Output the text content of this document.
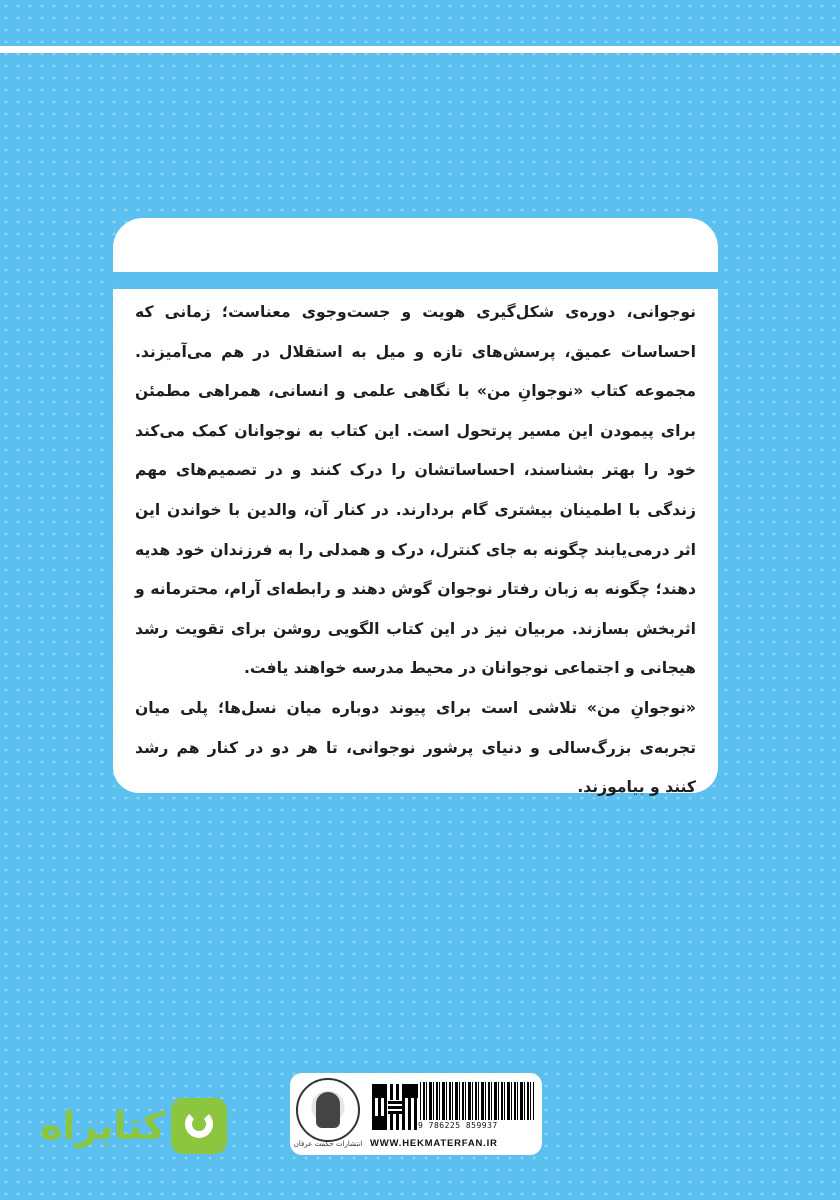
نوجوانی، دوره‌ی شکل‌گیری هویت و جست‌وجوی معناست؛ زمانی که احساسات عمیق، پرسش‌های تازه و میل به استقلال در هم می‌آمیزند. مجموعه کتاب «نوجوانِ من» با نگاهی علمی و انسانی، همراهی مطمئن برای پیمودن این مسیر پرتحول است. این کتاب به نوجوانان کمک می‌کند خود را بهتر بشناسند، احساساتشان را درک کنند و در تصمیم‌های مهم زندگی با اطمینان بیشتری گام بردارند. در کنار آن، والدین با خواندن این اثر درمی‌یابند چگونه به جای کنترل، درک و همدلی را به فرزندان خود هدیه دهند؛ چگونه به زبان رفتار نوجوان گوش دهند و رابطه‌ای آرام، محترمانه و اثربخش بسازند. مربیان نیز در این کتاب الگویی روشن برای تقویت رشد هیجانی و اجتماعی نوجوانان در محیط مدرسه خواهند یافت.

«نوجوانِ من» تلاشی است برای پیوند دوباره میان نسل‌ها؛ پلی میان تجربه‌ی بزرگ‌سالی و دنیای پرشور نوجوانی، تا هر دو در کنار هم رشد کنند و بیاموزند.

انتشارات حکمت عرفان
9 786225 859937
WWW.HEKMATERFAN.IR
کتابراه
